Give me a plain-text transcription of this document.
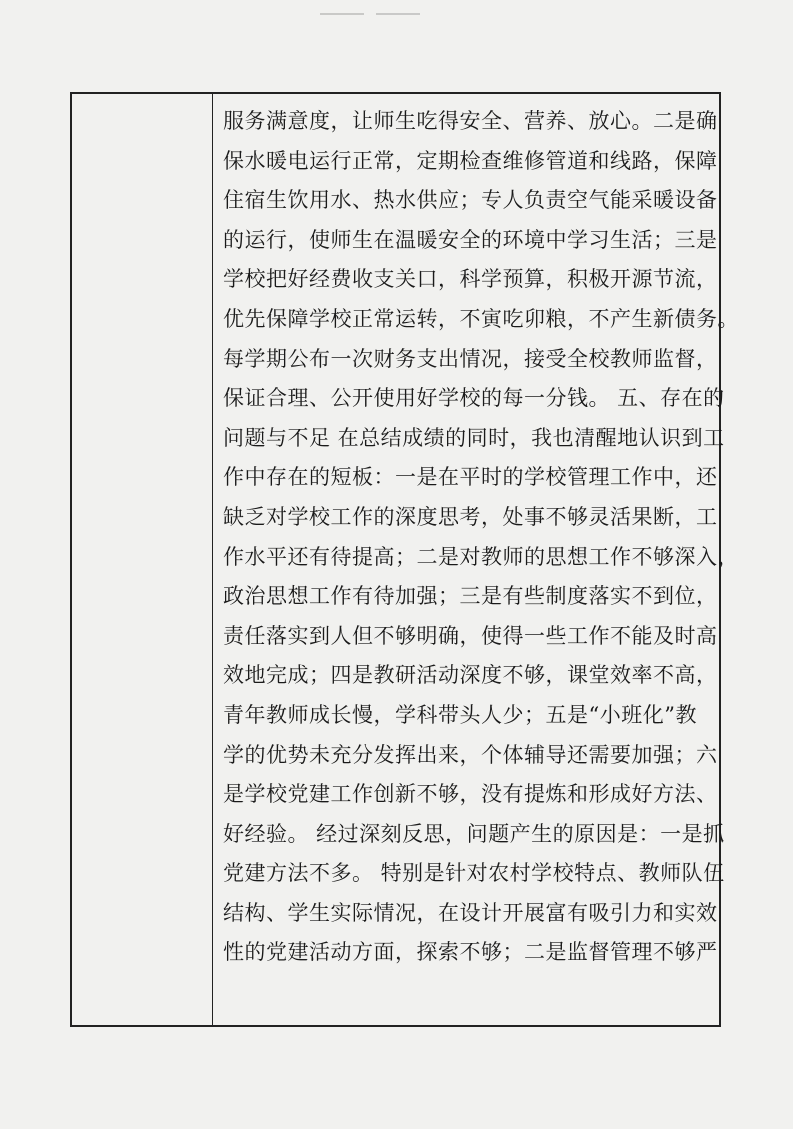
服务满意度，让师生吃得安全、营养、放心。二是确
保水暖电运行正常，定期检查维修管道和线路，保障
住宿生饮用水、热水供应；专人负责空气能采暖设备
的运行，使师生在温暖安全的环境中学习生活；三是
学校把好经费收支关口，科学预算，积极开源节流，
优先保障学校正常运转，不寅吃卯粮，不产生新债务。
每学期公布一次财务支出情况，接受全校教师监督，
保证合理、公开使用好学校的每一分钱。 五、存在的
问题与不足 在总结成绩的同时，我也清醒地认识到工
作中存在的短板：一是在平时的学校管理工作中，还
缺乏对学校工作的深度思考，处事不够灵活果断，工
作水平还有待提高；二是对教师的思想工作不够深入，
政治思想工作有待加强；三是有些制度落实不到位，
责任落实到人但不够明确，使得一些工作不能及时高
效地完成；四是教研活动深度不够，课堂效率不高，
青年教师成长慢，学科带头人少；五是“小班化”教
学的优势未充分发挥出来，个体辅导还需要加强；六
是学校党建工作创新不够，没有提炼和形成好方法、
好经验。 经过深刻反思，问题产生的原因是：一是抓
党建方法不多。 特别是针对农村学校特点、教师队伍
结构、学生实际情况，在设计开展富有吸引力和实效
性的党建活动方面，探索不够；二是监督管理不够严
